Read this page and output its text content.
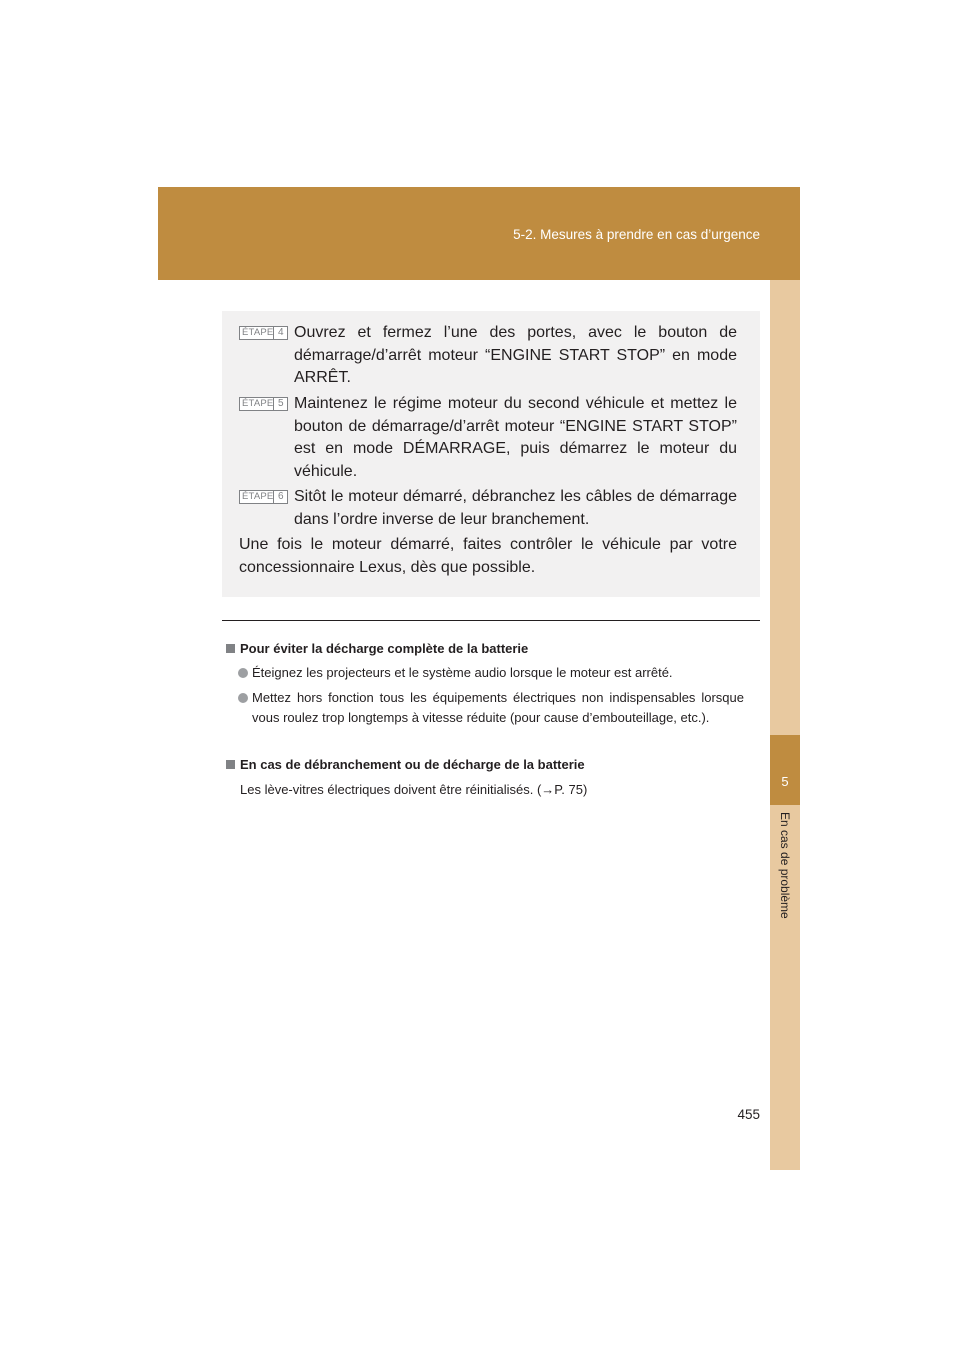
5-2. Mesures à prendre en cas d’urgence
5
En cas de problème
ÉTAPE 4 Ouvrez et fermez l’une des portes, avec le bouton de démarrage/d’arrêt moteur “ENGINE START STOP” en mode ARRÊT.
ÉTAPE 5 Maintenez le régime moteur du second véhicule et mettez le bouton de démarrage/d’arrêt moteur “ENGINE START STOP” est en mode DÉMARRAGE, puis démarrez le moteur du véhicule.
ÉTAPE 6 Sitôt le moteur démarré, débranchez les câbles de démarrage dans l’ordre inverse de leur branchement.
Une fois le moteur démarré, faites contrôler le véhicule par votre concessionnaire Lexus, dès que possible.
Pour éviter la décharge complète de la batterie
Éteignez les projecteurs et le système audio lorsque le moteur est arrêté.
Mettez hors fonction tous les équipements électriques non indispensables lorsque vous roulez trop longtemps à vitesse réduite (pour cause d’embouteillage, etc.).
En cas de débranchement ou de décharge de la batterie
Les lève-vitres électriques doivent être réinitialisés. (→P. 75)
455
